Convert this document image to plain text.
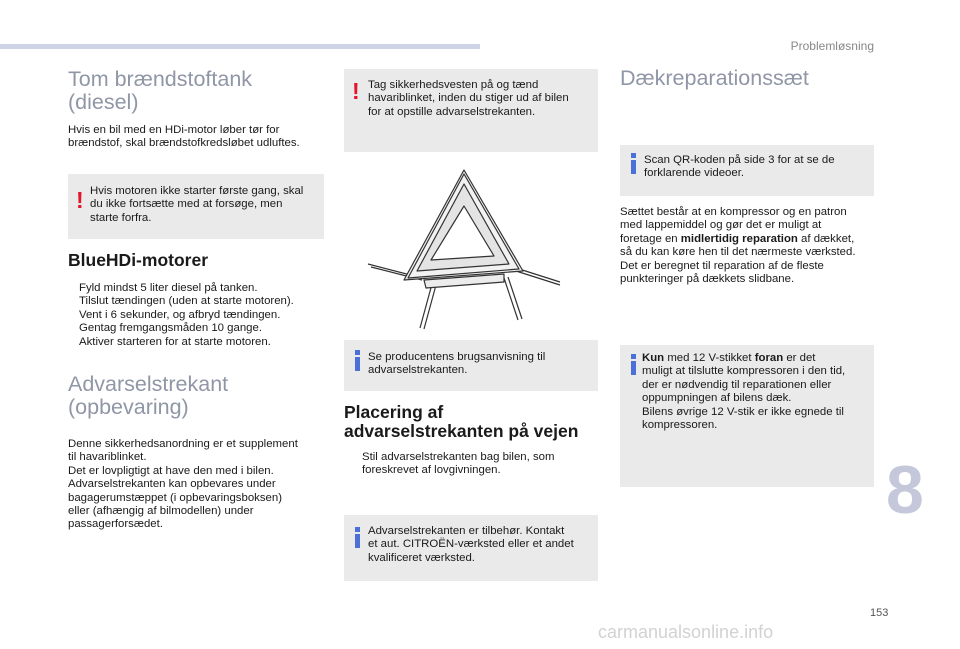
Problemløsning
Tom brændstoftank
(diesel)

Hvis en bil med en HDi-motor løber tør for
brændstof, skal brændstofkredsløbet udluftes.

! Hvis motoren ikke starter første gang, skal
du ikke fortsætte med at forsøge, men
starte forfra.
BlueHDi-motorer
Fyld mindst 5 liter diesel på tanken.
Tilslut tændingen (uden at starte motoren).
Vent i 6 sekunder, og afbryd tændingen.
Gentag fremgangsmåden 10 gange.
Aktiver starteren for at starte motoren.
Advarselstrekant
(opbevaring)

Denne sikkerhedsanordning er et supplement
til havariblinket.
Det er lovpligtigt at have den med i bilen.
Advarselstrekanten kan opbevares under
bagagerumstæppet (i opbevaringsboksen)
eller (afhængig af bilmodellen) under
passagerforsædet.

! Tag sikkerhedsvesten på og tænd
havariblinket, inden du stiger ud af bilen
for at opstille advarselstrekanten.
Se producentens brugsanvisning til
advarselstrekanten.
Placering af
advarselstrekanten på vejen
Stil advarselstrekanten bag bilen, som
foreskrevet af lovgivningen.
Advarselstrekanten er tilbehør. Kontakt
et aut. CITROËN-værksted eller et andet
kvalificeret værksted.
Dækreparationssæt
Scan QR-koden på side 3 for at se de
forklarende videoer.

Sættet består at en kompressor og en patron
med lappemiddel og gør det er muligt at
foretage en midlertidig reparation af dækket,
så du kan køre hen til det nærmeste værksted.
Det er beregnet til reparation af de fleste
punkteringer på dækkets slidbane.

Kun med 12 V-stikket foran er det
muligt at tilslutte kompressoren i den tid,
der er nødvendig til reparationen eller
oppumpningen af bilens dæk.
Bilens øvrige 12 V-stik er ikke egnede til
kompressoren.
8
153
carmanualsonline.info
